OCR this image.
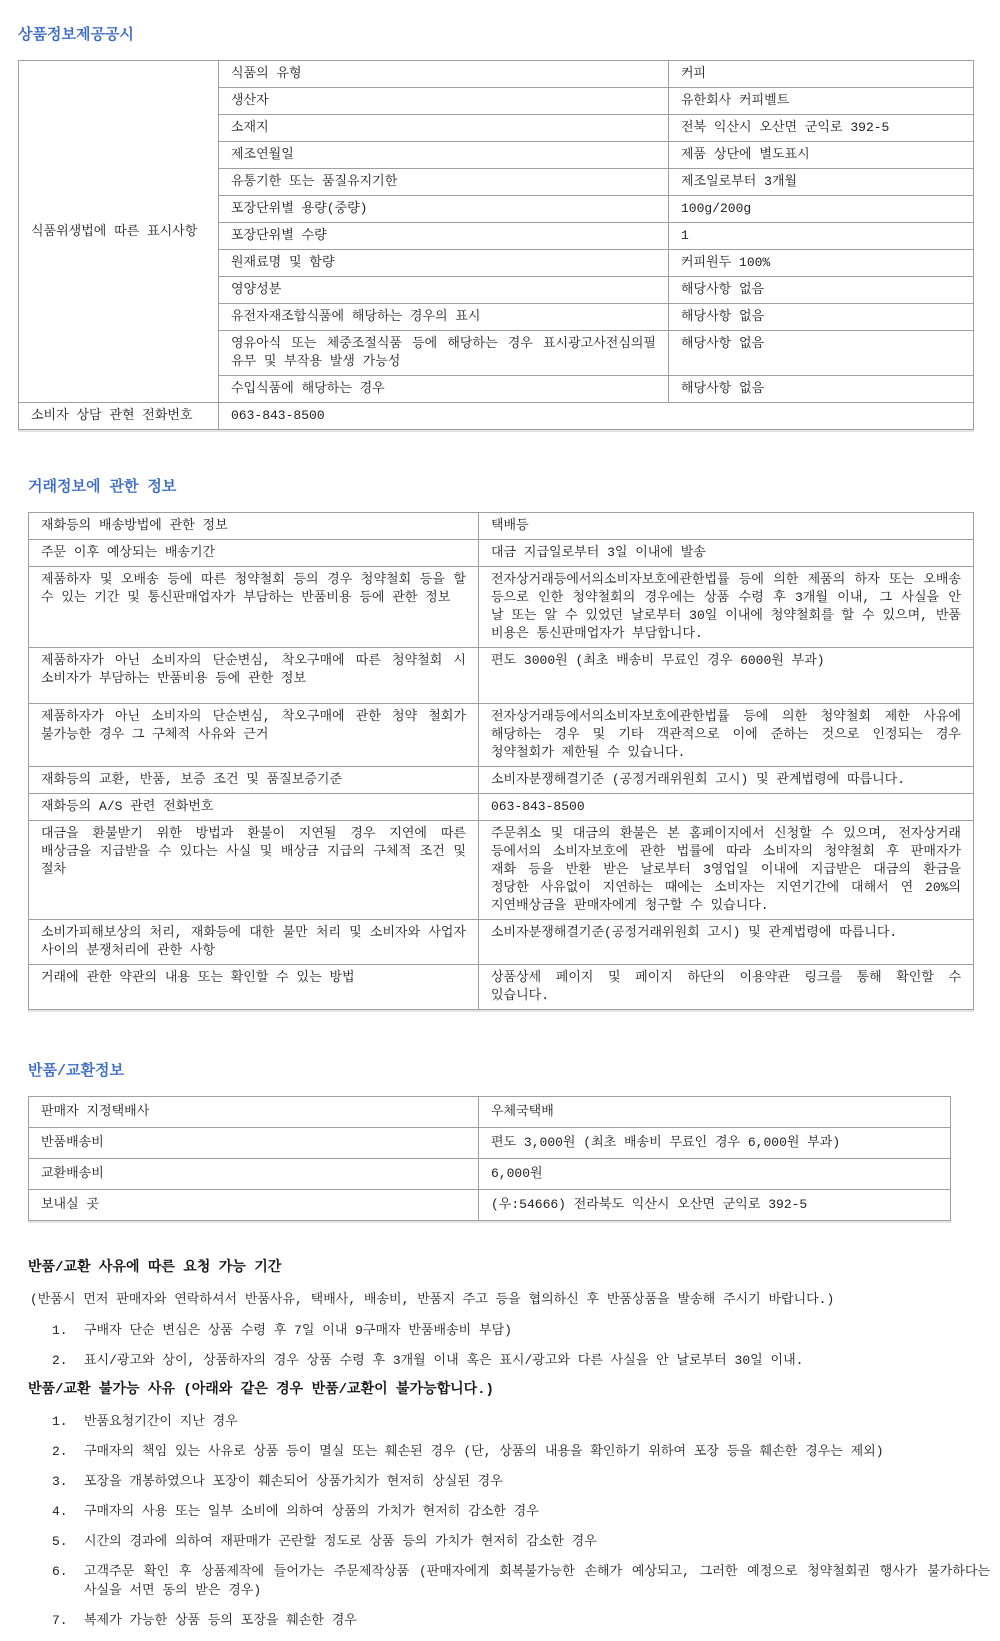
상품정보제공공시
식품위생법에 따른 표시사항	식품의 유형	커피
	생산자	유한회사 커피벨트
	소재지	전북 익산시 오산면 군익로 392-5
	제조연월일	제품 상단에 별도표시
	유통기한 또는 품질유지기한	제조일로부터 3개월
	포장단위별 용량(중량)	100g/200g
	포장단위별 수량	1
	원재료명 및 함량	커피원두 100%
	영양성분	해당사항 없음
	유전자재조합식품에 해당하는 경우의 표시	해당사항 없음
	영유아식 또는 체중조절식품 등에 해당하는 경우 표시광고사전심의필 유무 및 부작용 발생 가능성	해당사항 없음
	수입식품에 해당하는 경우	해당사항 없음
소비자 상담 관현 전화번호	063-843-8500	
거래정보에 관한 정보
재화등의 배송방법에 관한 정보	택배등
주문 이후 예상되는 배송기간	대금 지급일로부터 3일 이내에 발송
제품하자 및 오배송 등에 따른 청약철회 등의 경우 청약철회 등을 할 수 있는 기간 및 통신판매업자가 부담하는 반품비용 등에 관한 정보	전자상거래등에서의소비자보호에관한법률 등에 의한 제품의 하자 또는 오배송 등으로 인한 청약철회의 경우에는 상품 수령 후 3개월 이내, 그 사실을 안 날 또는 알 수 있었던 날로부터 30일 이내에 청약철회를 할 수 있으며, 반품 비용은 통신판매업자가 부담합니다.
제품하자가 아닌 소비자의 단순변심, 착오구매에 따른 청약철회 시 소비자가 부담하는 반품비용 등에 관한 정보	편도 3000원 (최초 배송비 무료인 경우 6000원 부과)
제품하자가 아닌 소비자의 단순변심, 착오구매에 관한 청약 철회가 불가능한 경우 그 구체적 사유와 근거	전자상거래등에서의소비자보호에관한법률 등에 의한 청약철회 제한 사유에 해당하는 경우 및 기타 객관적으로 이에 준하는 것으로 인정되는 경우 청약철회가 제한될 수 있습니다.
재화등의 교환, 반품, 보증 조건 및 품질보증기준	소비자분쟁해결기준 (공정거래위원회 고시) 및 관계법령에 따릅니다.
재화등의 A/S 관련 전화번호	063-843-8500
대금을 환불받기 위한 방법과 환불이 지연될 경우 지연에 따른 배상금을 지급받을 수 있다는 사실 및 배상금 지급의 구체적 조건 및 절차	주문취소 및 대금의 환불은 본 홈페이지에서 신청할 수 있으며, 전자상거래 등에서의 소비자보호에 관한 법률에 따라 소비자의 청약철회 후 판매자가 재화 등을 반환 받은 날로부터 3영업일 이내에 지급받은 대금의 환금을 정당한 사유없이 지연하는 때에는 소비자는 지연기간에 대해서 연 20%의 지연배상금을 판매자에게 청구할 수 있습니다.
소비가피해보상의 처리, 재화등에 대한 불만 처리 및 소비자와 사업자 사이의 분쟁처리에 관한 사항	소비자분쟁해결기준(공정거래위원회 고시) 및 관계법령에 따릅니다.
거래에 관한 약관의 내용 또는 확인할 수 있는 방법	상품상세 페이지 및 페이지 하단의 이용약관 링크를 통해 확인할 수 있습니다.
반품/교환정보
판매자 지정택배사	우체국택배
반품배송비	편도 3,000원 (최초 배송비 무료인 경우 6,000원 부과)
교환배송비	6,000원
보내실 곳	(우:54666) 전라북도 익산시 오산면 군익로 392-5
반품/교환 사유에 따른 요청 가능 기간
(반품시 먼저 판매자와 연락하셔서 반품사유, 택배사, 배송비, 반품지 주고 등을 협의하신 후 반품상품을 발송해 주시기 바랍니다.)
1.	구배자 단순 변심은 상품 수령 후 7일 이내 9구매자 반품배송비 부담)
2.	표시/광고와 상이, 상품하자의 경우 상품 수령 후 3개월 이내 혹은 표시/광고와 다른 사실을 안 날로부터 30일 이내.
반품/교환 불가능 사유 (아래와 같은 경우 반품/교환이 불가능합니다.)
1.	반품요청기간이 지난 경우
2.	구매자의 책임 있는 사유로 상품 등이 멸실 또는 훼손된 경우 (단, 상품의 내용을 확인하기 위하여 포장 등을 훼손한 경우는 제외)
3.	포장을 개봉하였으나 포장이 훼손되어 상품가치가 현저히 상실된 경우
4.	구매자의 사용 또는 일부 소비에 의하여 상품의 가치가 현저히 감소한 경우
5.	시간의 경과에 의하여 재판매가 곤란할 정도로 상품 등의 가치가 현저히 감소한 경우
6.	고객주문 확인 후 상품제작에 들어가는 주문제작상품 (판매자에게 회복불가능한 손해가 예상되고, 그러한 예정으로 청약철회권 행사가 불가하다는 사실을 서면 동의 받은 경우)
7.	복제가 가능한 상품 등의 포장을 훼손한 경우
